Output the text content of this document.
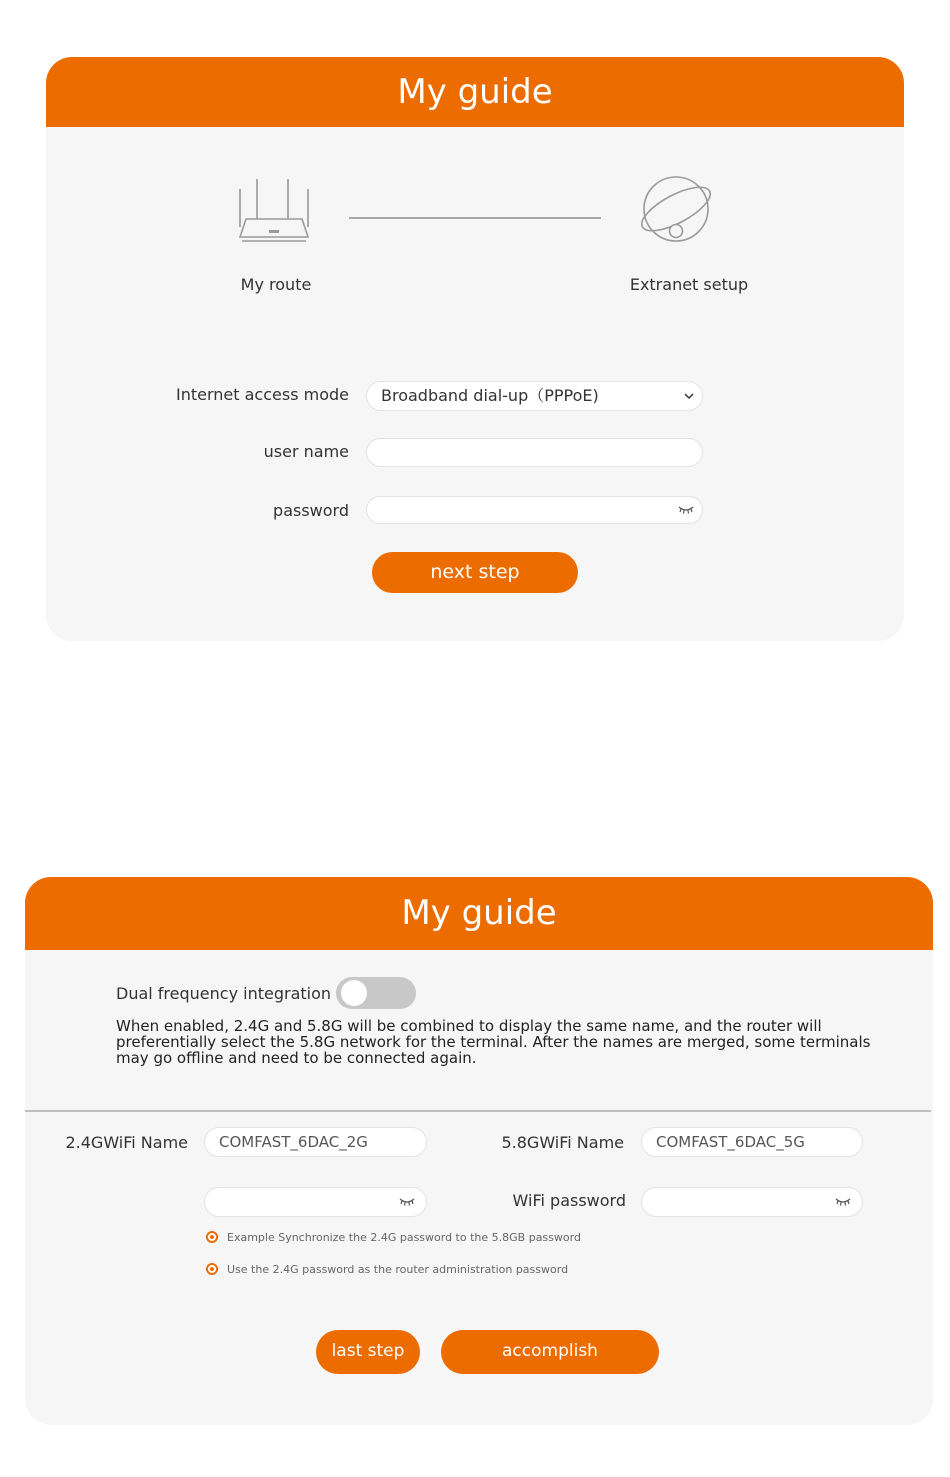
My guide
My route	Extranet setup
Internet access mode	Broadband dial-up（PPPoE)
user name
password
next step
My guide
Dual frequency integration
When enabled, 2.4G and 5.8G will be combined to display the same name, and the router will preferentially select the 5.8G network for the terminal. After the names are merged, some terminals may go offline and need to be connected again.
2.4GWiFi Name	COMFAST_6DAC_2G	5.8GWiFi Name	COMFAST_6DAC_5G
WiFi password
Example Synchronize the 2.4G password to the 5.8GB password
Use the 2.4G password as the router administration password
last step	accomplish
